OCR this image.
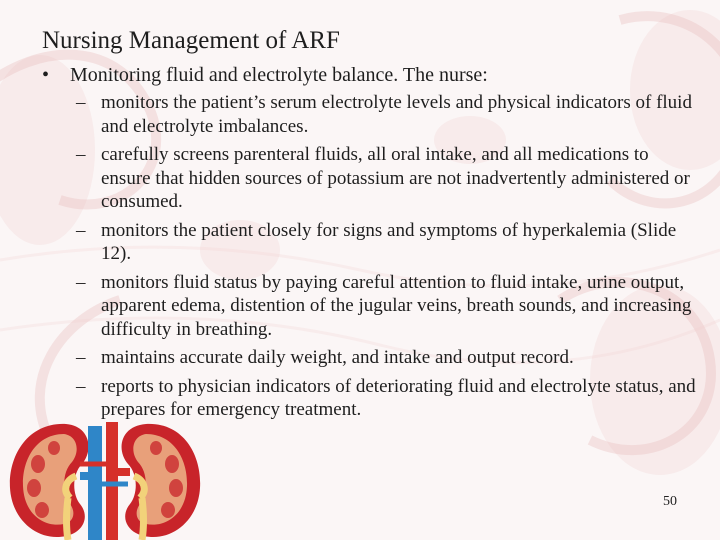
Nursing Management of ARF
• Monitoring fluid and electrolyte balance. The nurse:
– monitors the patient’s serum electrolyte levels and physical indicators of fluid and electrolyte imbalances.
– carefully screens parenteral fluids, all oral intake, and all medications to ensure that hidden sources of potassium are not inadvertently administered or consumed.
– monitors the patient closely for signs and symptoms of hyperkalemia (Slide 12).
– monitors fluid status by paying careful attention to fluid intake, urine output, apparent edema, distention of the jugular veins, breath sounds, and increasing difficulty in breathing.
– maintains accurate daily weight, and intake and output record.
– reports to physician indicators of deteriorating fluid and electrolyte status, and prepares for emergency treatment.
50
